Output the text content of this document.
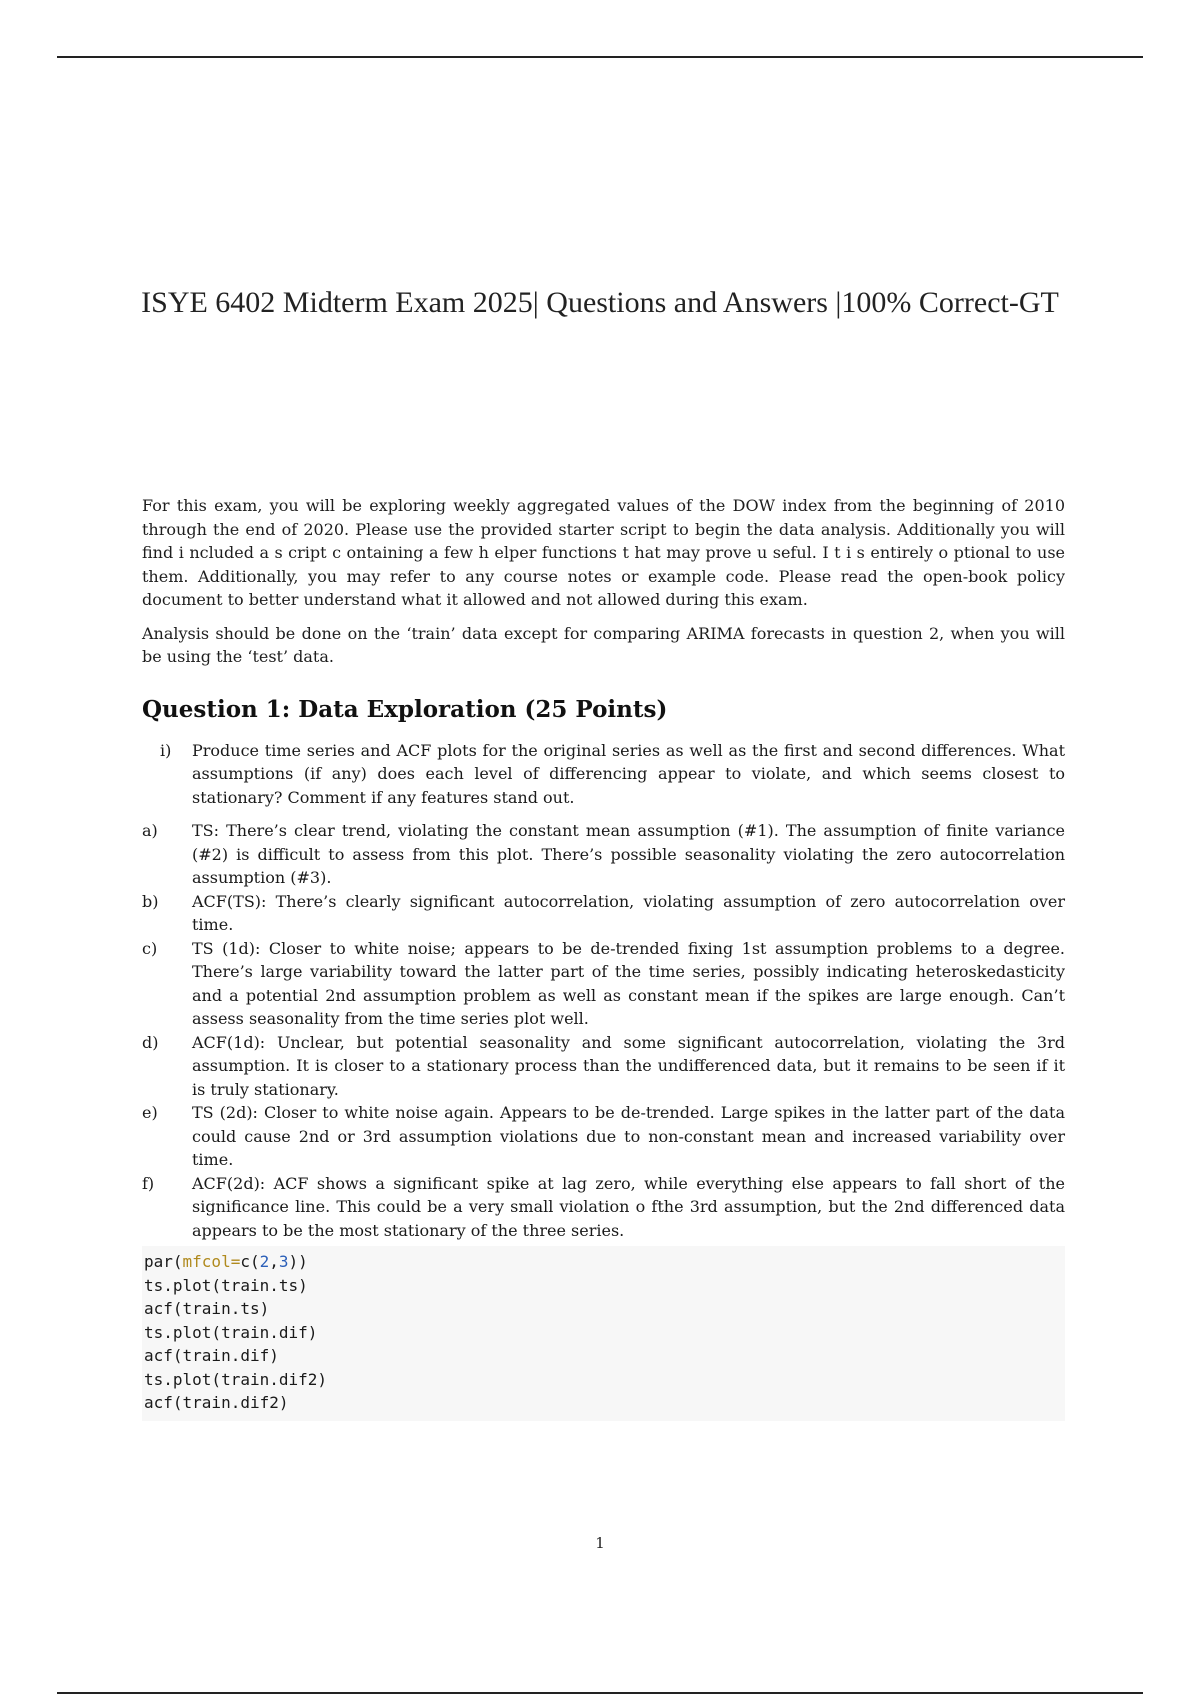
ISYE 6402 Midterm Exam 2025| Questions and Answers |100% Correct-GT

For this exam, you will be exploring weekly aggregated values of the DOW index from the beginning of 2010 through the end of 2020. Please use the provided starter script to begin the data analysis. Additionally you will find i ncluded a s cript c ontaining a few h elper functions t hat may prove u seful. I t i s entirely o ptional to use them. Additionally, you may refer to any course notes or example code. Please read the open-book policy document to better understand what it allowed and not allowed during this exam.

Analysis should be done on the ‘train’ data except for comparing ARIMA forecasts in question 2, when you will be using the ‘test’ data.

Question 1: Data Exploration (25 Points)
i) Produce time series and ACF plots for the original series as well as the first and second differences. What assumptions (if any) does each level of differencing appear to violate, and which seems closest to stationary? Comment if any features stand out.
a) TS: There’s clear trend, violating the constant mean assumption (#1). The assumption of finite variance (#2) is difficult to assess from this plot. There’s possible seasonality violating the zero autocorrelation assumption (#3).
b) ACF(TS): There’s clearly significant autocorrelation, violating assumption of zero autocorrelation over time.
c) TS (1d): Closer to white noise; appears to be de-trended fixing 1st assumption problems to a degree. There’s large variability toward the latter part of the time series, possibly indicating heteroskedasticity and a potential 2nd assumption problem as well as constant mean if the spikes are large enough. Can’t assess seasonality from the time series plot well.
d) ACF(1d): Unclear, but potential seasonality and some significant autocorrelation, violating the 3rd assumption. It is closer to a stationary process than the undifferenced data, but it remains to be seen if it is truly stationary.
e) TS (2d): Closer to white noise again. Appears to be de-trended. Large spikes in the latter part of the data could cause 2nd or 3rd assumption violations due to non-constant mean and increased variability over time.
f) ACF(2d): ACF shows a significant spike at lag zero, while everything else appears to fall short of the significance line. This could be a very small violation o fthe 3rd assumption, but the 2nd differenced data appears to be the most stationary of the three series.
par(mfcol=c(2,3))
ts.plot(train.ts)
acf(train.ts)
ts.plot(train.dif)
acf(train.dif)
ts.plot(train.dif2)
acf(train.dif2)
1
